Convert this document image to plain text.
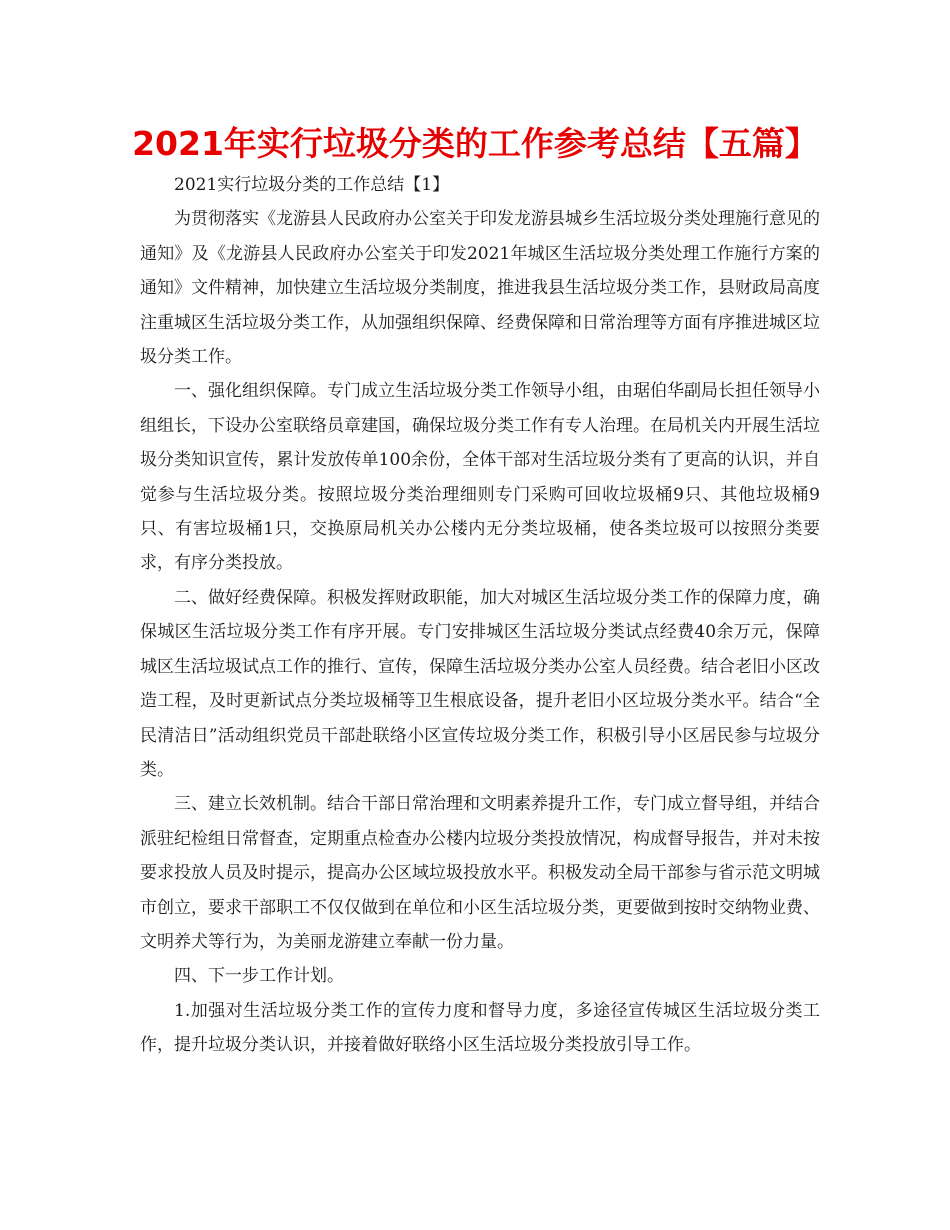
2021年实行垃圾分类的工作参考总结【五篇】

2021实行垃圾分类的工作总结【1】

为贯彻落实《龙游县人民政府办公室关于印发龙游县城乡生活垃圾分类处理施行意见的通知》及《龙游县人民政府办公室关于印发2021年城区生活垃圾分类处理工作施行方案的通知》文件精神，加快建立生活垃圾分类制度，推进我县生活垃圾分类工作，县财政局高度注重城区生活垃圾分类工作，从加强组织保障、经费保障和日常治理等方面有序推进城区垃圾分类工作。

一、强化组织保障。专门成立生活垃圾分类工作领导小组，由琚伯华副局长担任领导小组组长，下设办公室联络员章建国，确保垃圾分类工作有专人治理。在局机关内开展生活垃圾分类知识宣传，累计发放传单100余份，全体干部对生活垃圾分类有了更高的认识，并自觉参与生活垃圾分类。按照垃圾分类治理细则专门采购可回收垃圾桶9只、其他垃圾桶9只、有害垃圾桶1只，交换原局机关办公楼内无分类垃圾桶，使各类垃圾可以按照分类要求，有序分类投放。

二、做好经费保障。积极发挥财政职能，加大对城区生活垃圾分类工作的保障力度，确保城区生活垃圾分类工作有序开展。专门安排城区生活垃圾分类试点经费40余万元，保障城区生活垃圾试点工作的推行、宣传，保障生活垃圾分类办公室人员经费。结合老旧小区改造工程，及时更新试点分类垃圾桶等卫生根底设备，提升老旧小区垃圾分类水平。结合“全民清洁日”活动组织党员干部赴联络小区宣传垃圾分类工作，积极引导小区居民参与垃圾分类。

三、建立长效机制。结合干部日常治理和文明素养提升工作，专门成立督导组，并结合派驻纪检组日常督查，定期重点检查办公楼内垃圾分类投放情况，构成督导报告，并对未按要求投放人员及时提示，提高办公区域垃圾投放水平。积极发动全局干部参与省示范文明城市创立，要求干部职工不仅仅做到在单位和小区生活垃圾分类，更要做到按时交纳物业费、文明养犬等行为，为美丽龙游建立奉献一份力量。

四、下一步工作计划。

1.加强对生活垃圾分类工作的宣传力度和督导力度，多途径宣传城区生活垃圾分类工作，提升垃圾分类认识，并接着做好联络小区生活垃圾分类投放引导工作。
